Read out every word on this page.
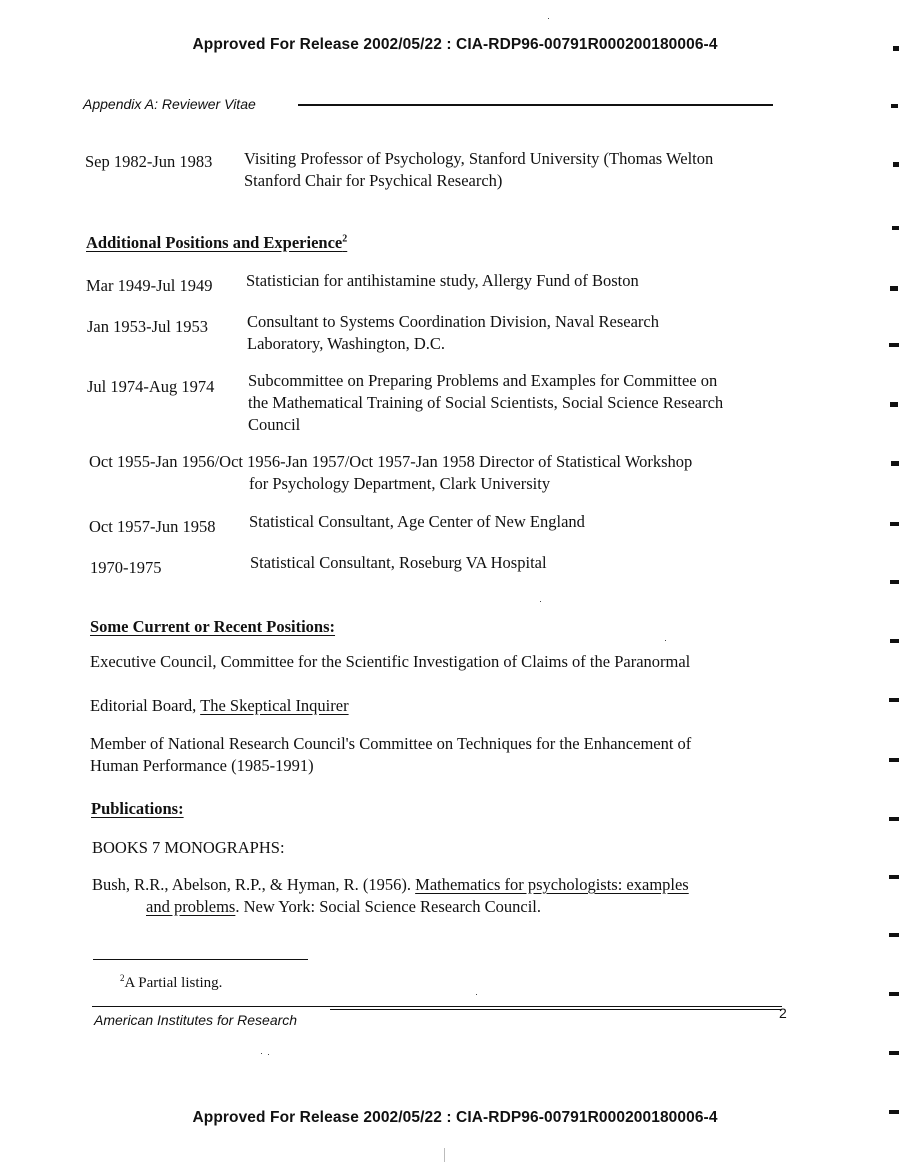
Approved For Release 2002/05/22 : CIA-RDP96-00791R000200180006-4
Appendix A: Reviewer Vitae
Sep 1982-Jun 1983 Visiting Professor of Psychology, Stanford University (Thomas Welton
Stanford Chair for Psychical Research)
Additional Positions and Experience$^2$
Mar 1949-Jul 1949 Statistician for antihistamine study, Allergy Fund of Boston
Jan 1953-Jul 1953 Consultant to Systems Coordination Division, Naval Research
Laboratory, Washington, D.C.
Jul 1974-Aug 1974 Subcommittee on Preparing Problems and Examples for Committee on
the Mathematical Training of Social Scientists, Social Science Research
Council
Oct 1955-Jan 1956/Oct 1956-Jan 1957/Oct 1957-Jan 1958 Director of Statistical Workshop
for Psychology Department, Clark University
Oct 1957-Jun 1958 Statistical Consultant, Age Center of New England
1970-1975	Statistical Consultant, Roseburg VA Hospital
Some Current or Recent Positions:
Executive Council, Committee for the Scientific Investigation of Claims of the Paranormal
Editorial Board, The Skeptical Inquirer
Member of National Research Council's Committee on Techniques for the Enhancement of
Human Performance (1985-1991)
Publications:
BOOKS 7 MONOGRAPHS:
Bush, R.R., Abelson, R.P., & Hyman, R. (1956). Mathematics for psychologists: examples
and problems. New York: Social Science Research Council.
$^2$A Partial listing.
American Institutes for Research	2
Approved For Release 2002/05/22 : CIA-RDP96-00791R000200180006-4
